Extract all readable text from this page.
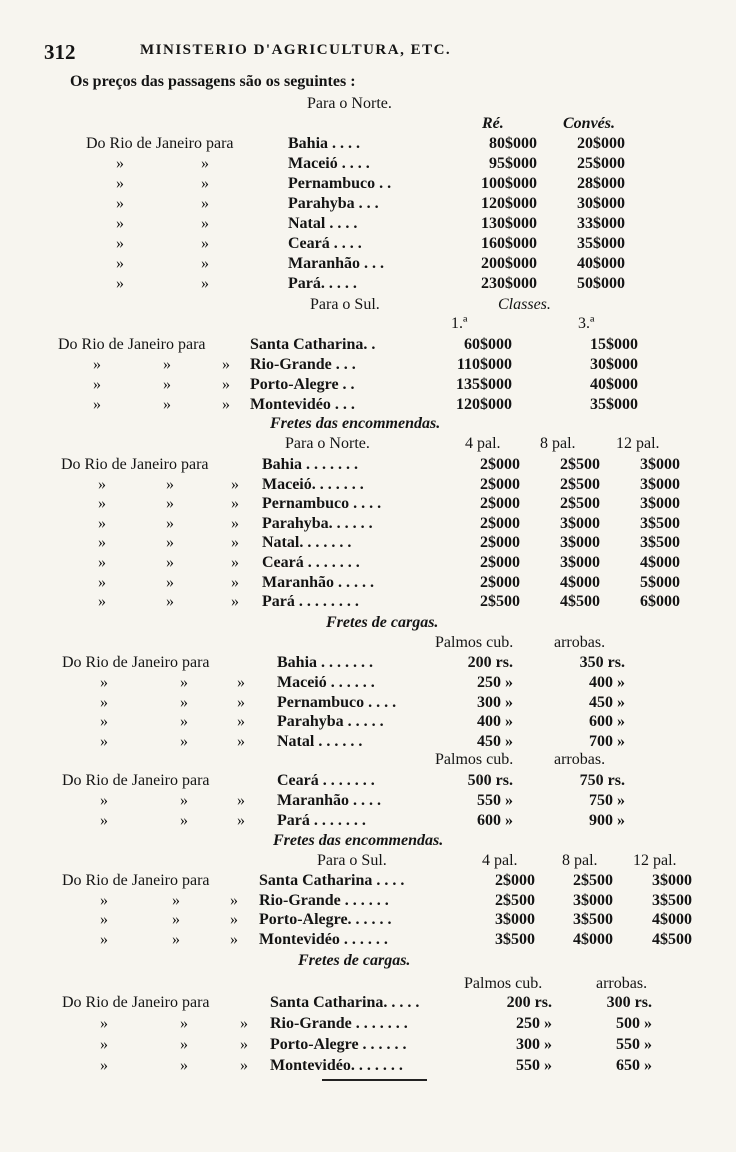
312	MINISTERIO D'AGRICULTURA, ETC.
Os preços das passagens são os seguintes :
Para o Norte.
Ré.	Convés.
Do Rio de Janeiro para	Bahia . . . .	80$000	20$000
»	»	Maceió . . . .	95$000	25$000
»	»	Pernambuco . .	100$000	28$000
»	»	Parahyba . . .	120$000	30$000
»	»	Natal . . . .	130$000	33$000
»	»	Ceará . . . .	160$000	35$000
»	»	Maranhão . . .	200$000	40$000
»	»	Pará. . . . .	230$000	50$000
Para o Sul.	Classes.
1.ª	3.ª
Do Rio de Janeiro para	Santa Catharina. .	60$000	15$000
»	»	» Rio-Grande . . .	110$000	30$000
»	»	» Porto-Alegre . .	135$000	40$000
»	»	» Montevidéo . . .	120$000	35$000
Fretes das encommendas.
Para o Norte.	4 pal. 8 pal.	12 pal.
Do Rio de Janeiro para	Bahia . . . . . . .	2$000	2$500	3$000
»	»	» Maceió. . . . . . .	2$000	2$500	3$000
»	»	» Pernambuco . . . .	2$000	2$500	3$000
»	»	» Parahyba. . . . . .	2$000	3$000	3$500
»	»	» Natal. . . . . . .	2$000	3$000	3$500
»	»	» Ceará . . . . . . .	2$000	3$000	4$000
»	»	» Maranhão . . . . .	2$000	4$000	5$000
»	»	» Pará . . . . . . . .	2$500	4$500	6$000
Fretes de cargas.
Palmos cub.	arrobas.
Do Rio de Janeiro para	Bahia . . . . . . .	200 rs.	350 rs.
»	»	» Maceió . . . . . .	250 »	400 »
»	»	» Pernambuco . . . .	300 »	450 »
»	»	» Parahyba . . . . .	400 »	600 »
»	»	» Natal . . . . . .	450 »	700 »
Palmos cub.	arrobas.
Do Rio de Janeiro para	Ceará . . . . . . .	500 rs.	750 rs.
»	»	» Maranhão . . . .	550 »	750 »
»	»	» Pará . . . . . . .	600 »	900 »
Fretes das encommendas.
Para o Sul.	4 pal.	8 pal. 12 pal.
Do Rio de Janeiro para	Santa Catharina . . . .	2$000	2$500	3$000
»	»	» Rio-Grande . . . . . .	2$500	3$000	3$500
»	»	» Porto-Alegre. . . . . .	3$000	3$500	4$000
»	»	» Montevidéo . . . . . .	3$500	4$000	4$500
Fretes de cargas.
Palmos cub.	arrobas.
Do Rio de Janeiro para	Santa Catharina. . . . .	200 rs.	300 rs.
»	»	» Rio-Grande . . . . . . .	250 »	500 »
»	»	» Porto-Alegre . . . . . .	300 »	550 »
»	»	» Montevidéo. . . . . . .	550 »	650 »
